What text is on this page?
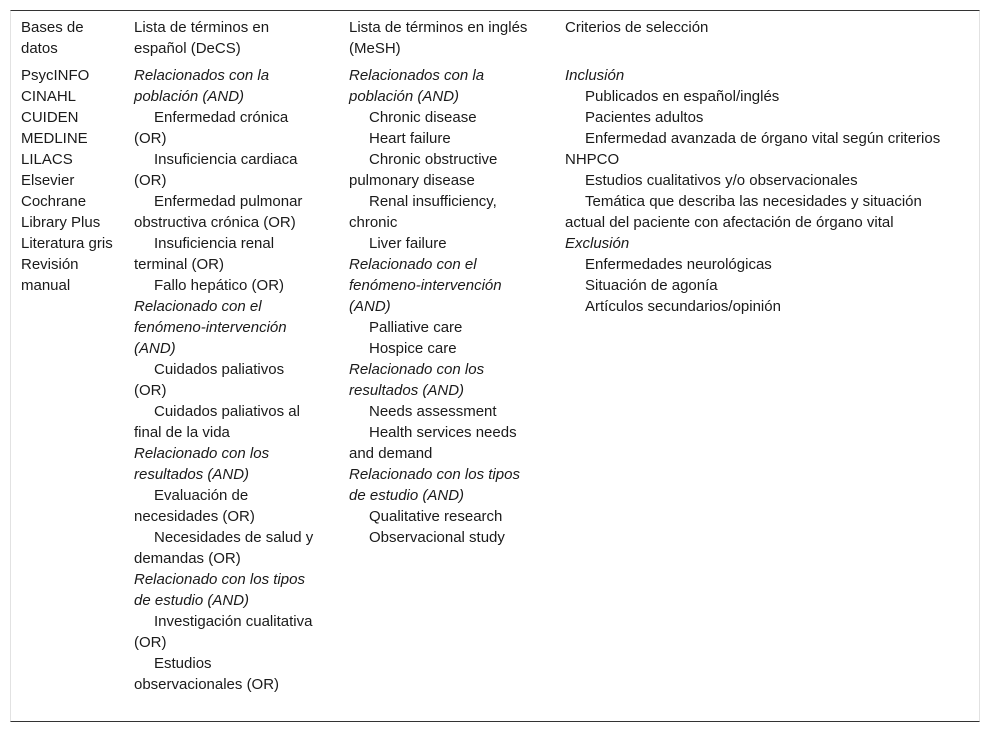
Bases de datos
PsycINFO
CINAHL
CUIDEN
MEDLINE
LILACS
Elsevier
Cochrane Library Plus
Literatura gris
Revisión manual
Lista de términos en español (DeCS)
Relacionados con la población (AND)
Enfermedad crónica (OR)
Insuficiencia cardiaca (OR)
Enfermedad pulmonar obstructiva crónica (OR)
Insuficiencia renal terminal (OR)
Fallo hepático (OR)
Relacionado con el fenómeno-intervención (AND)
Cuidados paliativos (OR)
Cuidados paliativos al final de la vida
Relacionado con los resultados (AND)
Evaluación de necesidades (OR)
Necesidades de salud y demandas (OR)
Relacionado con los tipos de estudio (AND)
Investigación cualitativa (OR)
Estudios observacionales (OR)
Lista de términos en inglés (MeSH)
Relacionados con la población (AND)
Chronic disease
Heart failure
Chronic obstructive pulmonary disease
Renal insufficiency, chronic
Liver failure
Relacionado con el fenómeno-intervención (AND)
Palliative care
Hospice care
Relacionado con los resultados (AND)
Needs assessment
Health services needs and demand
Relacionado con los tipos de estudio (AND)
Qualitative research
Observacional study
Criterios de selección
Inclusión
Publicados en español/inglés
Pacientes adultos
Enfermedad avanzada de órgano vital según criterios NHPCO
Estudios cualitativos y/o observacionales
Temática que describa las necesidades y situación actual del paciente con afectación de órgano vital
Exclusión
Enfermedades neurológicas
Situación de agonía
Artículos secundarios/opinión
